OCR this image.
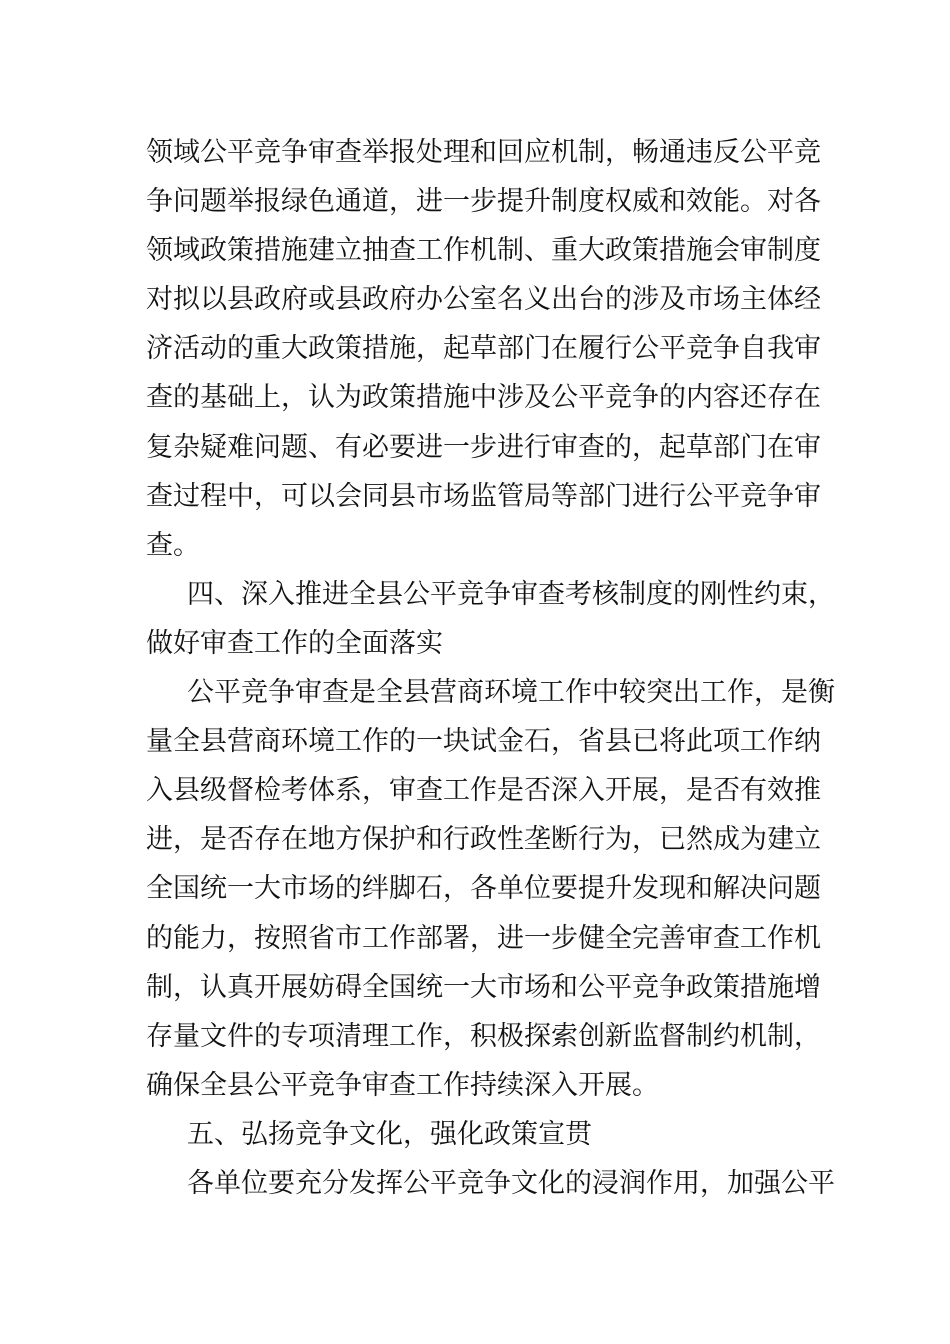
领域公平竞争审查举报处理和回应机制，畅通违反公平竞
争问题举报绿色通道，进一步提升制度权威和效能。对各
领域政策措施建立抽查工作机制、重大政策措施会审制度
对拟以县政府或县政府办公室名义出台的涉及市场主体经
济活动的重大政策措施，起草部门在履行公平竞争自我审
查的基础上，认为政策措施中涉及公平竞争的内容还存在
复杂疑难问题、有必要进一步进行审查的，起草部门在审
查过程中，可以会同县市场监管局等部门进行公平竞争审
查。
四、深入推进全县公平竞争审查考核制度的刚性约束，
做好审查工作的全面落实
公平竞争审查是全县营商环境工作中较突出工作，是衡
量全县营商环境工作的一块试金石，省县已将此项工作纳
入县级督检考体系，审查工作是否深入开展，是否有效推
进，是否存在地方保护和行政性垄断行为，已然成为建立
全国统一大市场的绊脚石，各单位要提升发现和解决问题
的能力，按照省市工作部署，进一步健全完善审查工作机
制，认真开展妨碍全国统一大市场和公平竞争政策措施增
存量文件的专项清理工作，积极探索创新监督制约机制，
确保全县公平竞争审查工作持续深入开展。
五、弘扬竞争文化，强化政策宣贯
各单位要充分发挥公平竞争文化的浸润作用，加强公平
